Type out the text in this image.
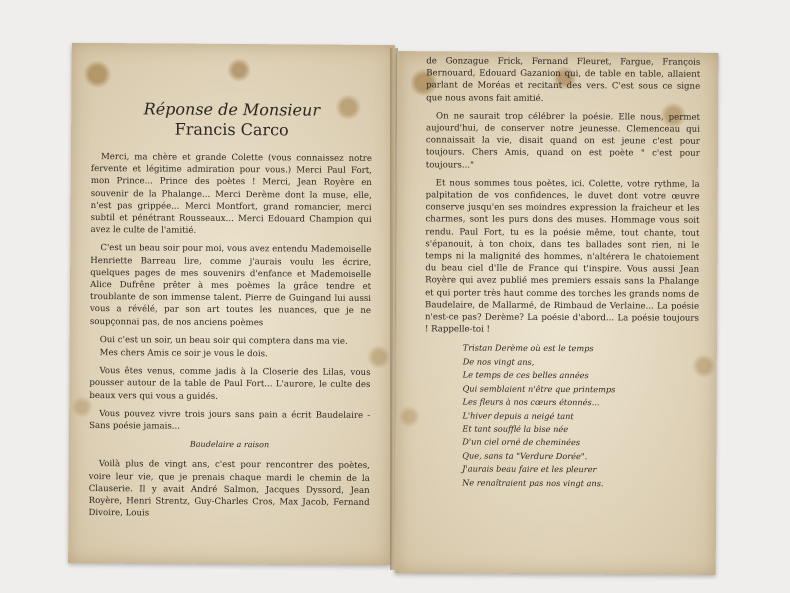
Réponse de Monsieur
Francis Carco

Merci, ma chère et grande Colette (vous connaissez notre fervente et légitime admiration pour vous.) Merci Paul Fort, mon Prince... Prince des poètes ! Merci, Jean Royère en souvenir de la Phalange... Merci Derème dont la muse, elle, n'est pas grippée... Merci Montfort, grand romancier, merci subtil et pénétrant Rousseaux... Merci Edouard Champion qui avez le culte de l'amitié.

C'est un beau soir pour moi, vous avez entendu Mademoiselle Henriette Barreau lire, comme j'aurais voulu les écrire, quelques pages de mes souvenirs d'enfance et Mademoiselle Alice Dufrêne prêter à mes poèmes la grâce tendre et troublante de son immense talent. Pierre de Guingand lui aussi vous a révélé, par son art toutes les nuances, que je ne soupçonnai pas, de nos anciens poèmes

Oui c'est un soir, un beau soir qui comptera dans ma vie.

Mes chers Amis ce soir je vous le dois.

Vous êtes venus, comme jadis à la Closerie des Lilas, vous pousser autour de la table de Paul Fort... L'aurore, le culte des beaux vers qui vous a guidés.

Vous pouvez vivre trois jours sans pain a écrit Baudelaire - Sans poésie jamais...

Baudelaire a raison

Voilà plus de vingt ans, c'est pour rencontrer des poètes, voire leur vie, que je prenais chaque mardi le chemin de la Clauserie. Il y avait André Salmon, Jacques Dyssord, Jean Royère, Henri Strentz, Guy-Charles Cros, Max Jacob, Fernand Divoire, Louis

de Gonzague Frick, Fernand Fleuret, Fargue, François Bernouard, Edouard Gazanion qui, de table en table, allaient parlant de Moréas et recitant des vers. C'est sous ce signe que nous avons fait amitié.

On ne saurait trop célébrer la poésie. Elle nous, permet aujourd'hui, de conserver notre jeunesse. Clemenceau qui connaissait la vie, disait quand on est jeune c'est pour toujours. Chers Amis, quand on est poète " c'est pour toujours..."

Et nous sommes tous poètes, ici. Colette, votre rythme, la palpitation de vos confidences, le duvet dont votre œuvre conserve jusqu'en ses moindres expression la fraicheur et les charmes, sont les purs dons des muses. Hommage vous soit rendu. Paul Fort, tu es la poésie même, tout chante, tout s'épanouit, à ton choix, dans tes ballades sont rien, ni le temps ni la malignité des hommes, n'altérera le chatoiement du beau ciel d'Ile de France qui t'inspire. Vous aussi Jean Royère qui avez publié mes premiers essais sans la Phalange et qui porter très haut comme des torches les grands noms de Baudelaire, de Mallarmé, de Rimbaud de Verlaine... La poésie n'est-ce pas? Derème? La poésie d'abord... La poésie toujours ! Rappelle-toi !

Tristan Derème où est le temps
De nos vingt ans,
Le temps de ces belles années
Qui semblaient n'être que printemps
Les fleurs à nos cœurs étonnés...
L'hiver depuis a neigé tant
Et tant soufflé la bise née
D'un ciel orné de cheminées
Que, sans ta "Verdure Dorée".
J'aurais beau faire et les pleurer
Ne renaîtraient pas nos vingt ans.
